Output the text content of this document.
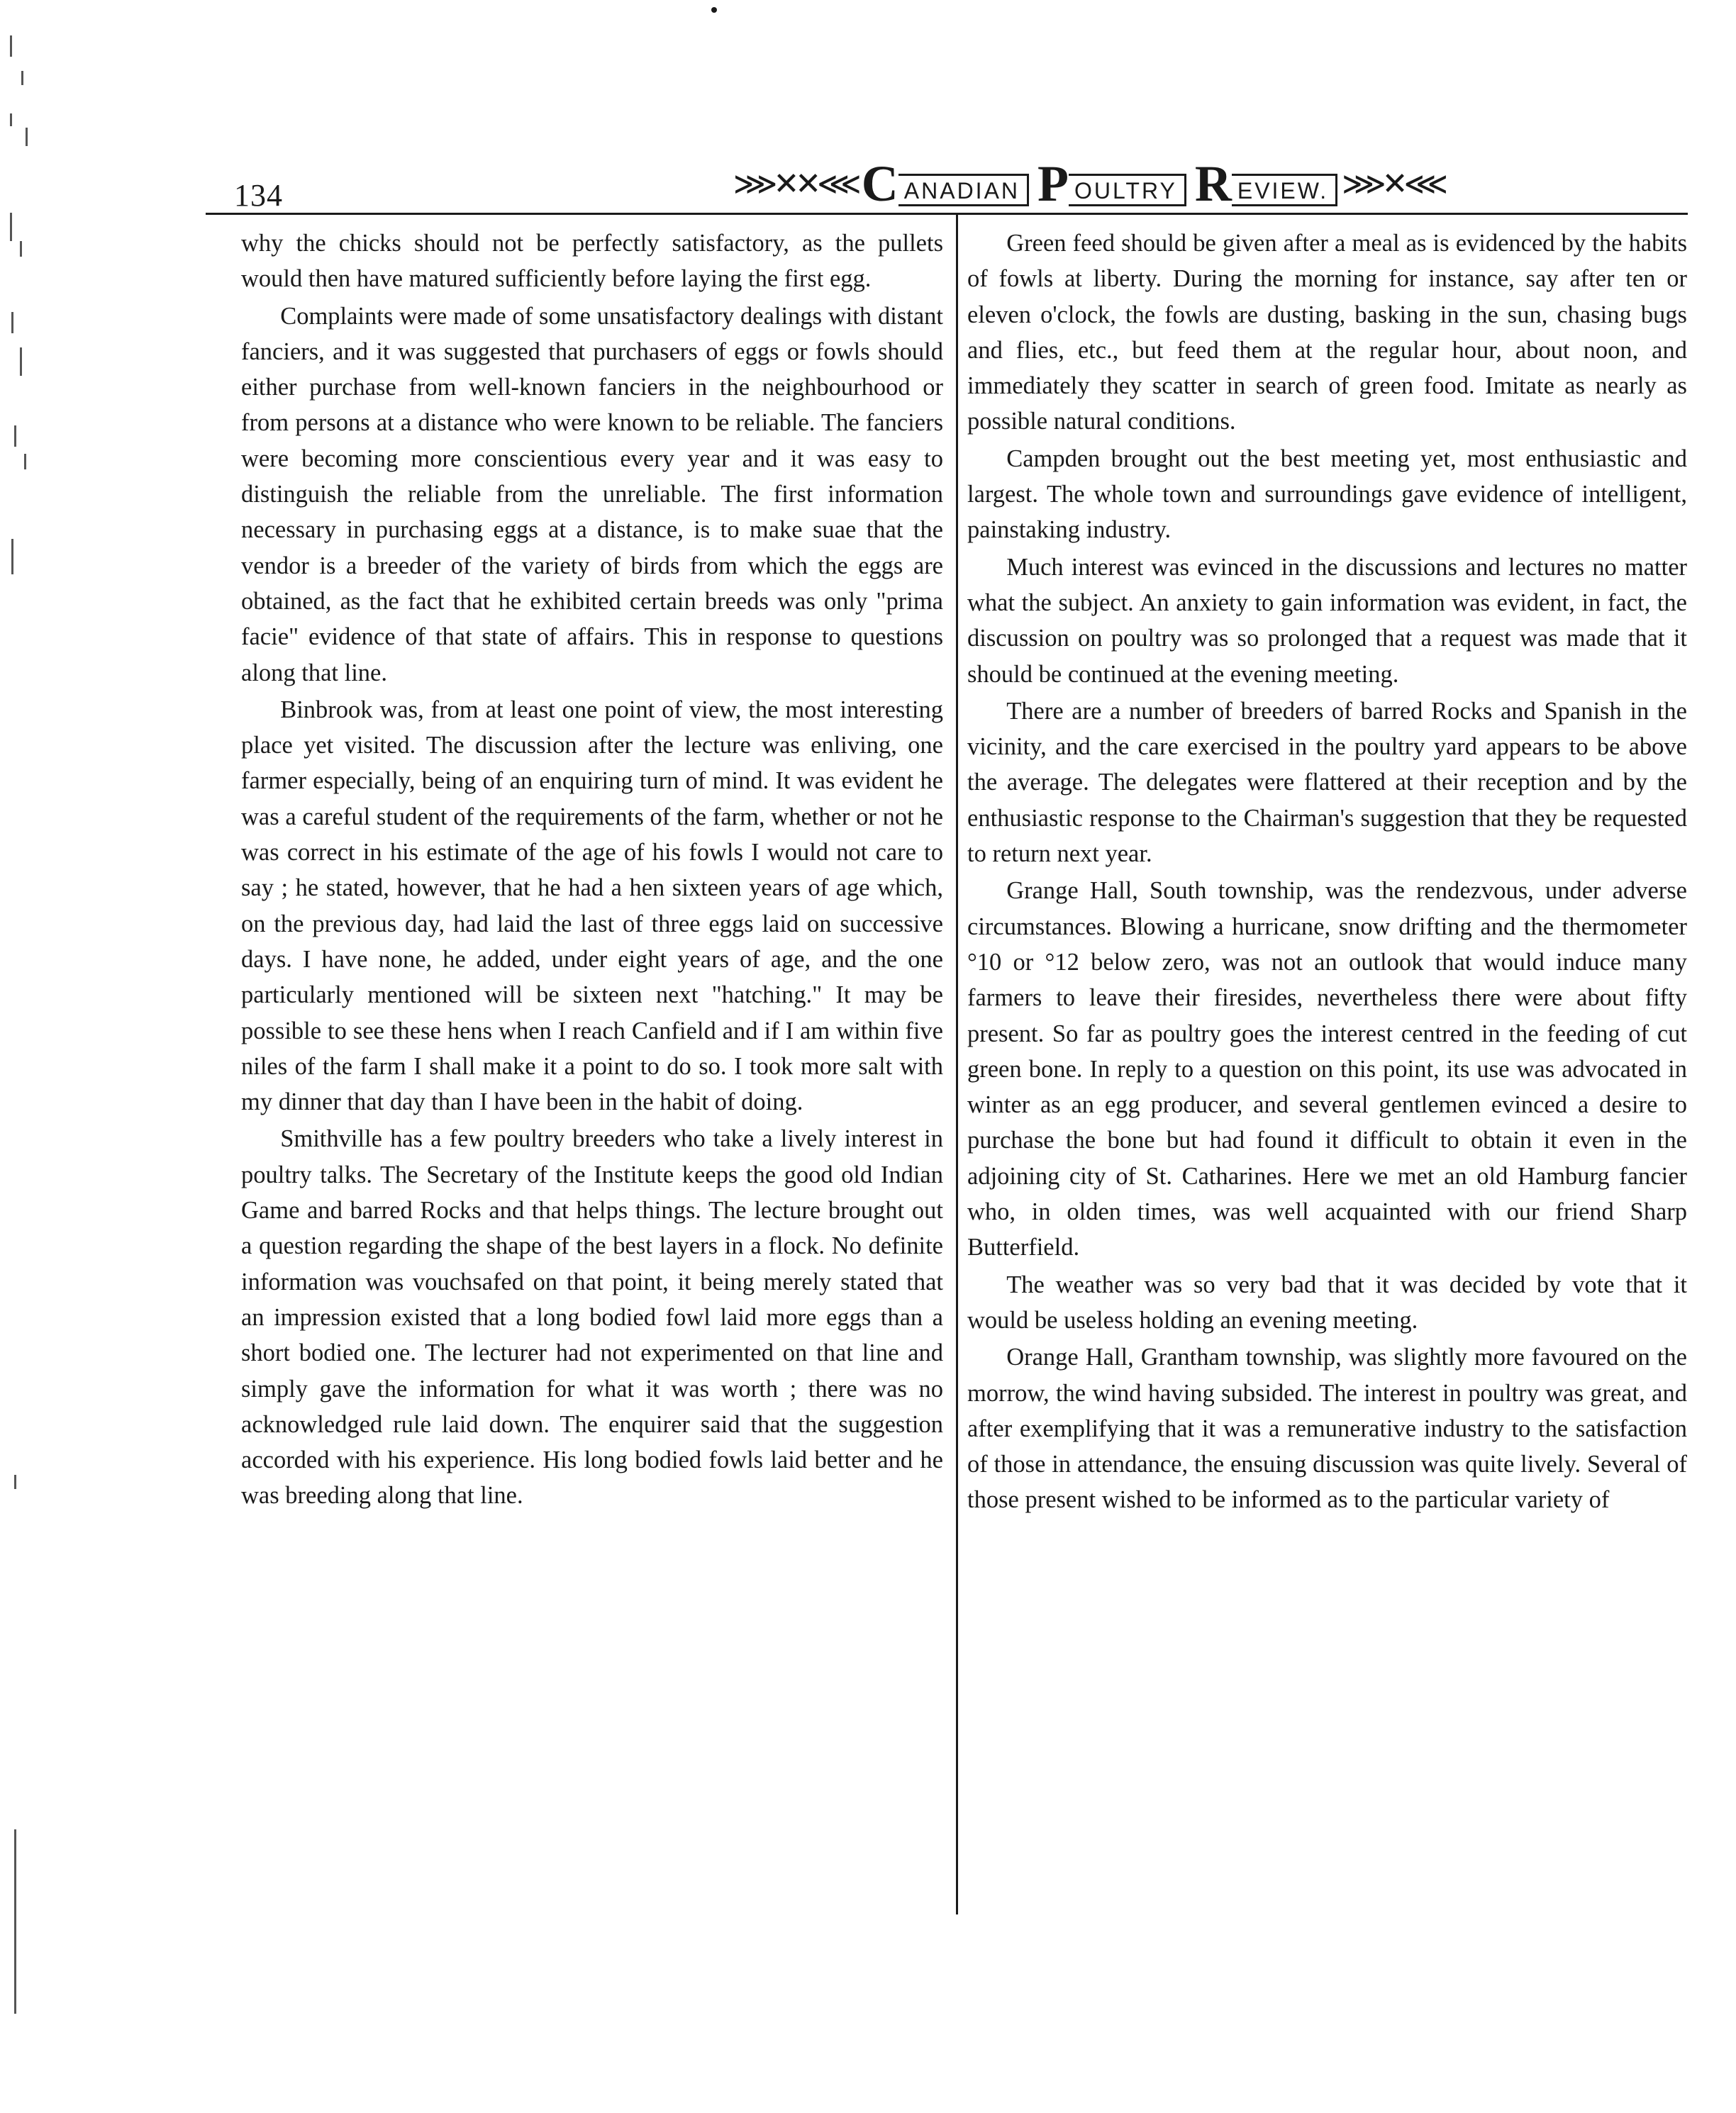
134	⋙✕✕⋘ C ANADIAN P OULTRY R EVIEW. ⋙✕⋘

why the chicks should not be perfectly satisfactory, as the pullets would then have matured sufficiently before laying the first egg.

Complaints were made of some unsatisfactory dealings with distant fanciers, and it was suggested that purchasers of eggs or fowls should either purchase from well-known fanciers in the neighbourhood or from persons at a distance who were known to be reliable. The fanciers were becoming more conscientious every year and it was easy to distinguish the reliable from the unreliable. The first information necessary in purchasing eggs at a distance, is to make suae that the vendor is a breeder of the variety of birds from which the eggs are obtained, as the fact that he exhibited certain breeds was only "prima facie" evidence of that state of affairs. This in response to questions along that line.

Binbrook was, from at least one point of view, the most interesting place yet visited. The discussion after the lecture was enliving, one farmer especially, being of an enquiring turn of mind. It was evident he was a careful student of the requirements of the farm, whether or not he was correct in his estimate of the age of his fowls I would not care to say ; he stated, however, that he had a hen sixteen years of age which, on the previous day, had laid the last of three eggs laid on successive days. I have none, he added, under eight years of age, and the one particularly mentioned will be sixteen next "hatching." It may be possible to see these hens when I reach Canfield and if I am within five niles of the farm I shall make it a point to do so. I took more salt with my dinner that day than I have been in the habit of doing.

Smithville has a few poultry breeders who take a lively interest in poultry talks. The Secretary of the Institute keeps the good old Indian Game and barred Rocks and that helps things. The lecture brought out a question regarding the shape of the best layers in a flock. No definite information was vouchsafed on that point, it being merely stated that an impression existed that a long bodied fowl laid more eggs than a short bodied one. The lecturer had not experimented on that line and simply gave the information for what it was worth ; there was no acknowledged rule laid down. The enquirer said that the suggestion accorded with his experience. His long bodied fowls laid better and he was breeding along that line.

Green feed should be given after a meal as is evidenced by the habits of fowls at liberty. During the morning for instance, say after ten or eleven o'clock, the fowls are dusting, basking in the sun, chasing bugs and flies, etc., but feed them at the regular hour, about noon, and immediately they scatter in search of green food. Imitate as nearly as possible natural conditions.

Campden brought out the best meeting yet, most enthusiastic and largest. The whole town and surroundings gave evidence of intelligent, painstaking industry.

Much interest was evinced in the discussions and lectures no matter what the subject. An anxiety to gain information was evident, in fact, the discussion on poultry was so prolonged that a request was made that it should be continued at the evening meeting.

There are a number of breeders of barred Rocks and Spanish in the vicinity, and the care exercised in the poultry yard appears to be above the average. The delegates were flattered at their reception and by the enthusiastic response to the Chairman's suggestion that they be requested to return next year.

Grange Hall, South township, was the rendezvous, under adverse circumstances. Blowing a hurricane, snow drifting and the thermometer °10 or °12 below zero, was not an outlook that would induce many farmers to leave their firesides, nevertheless there were about fifty present. So far as poultry goes the interest centred in the feeding of cut green bone. In reply to a question on this point, its use was advocated in winter as an egg producer, and several gentlemen evinced a desire to purchase the bone but had found it difficult to obtain it even in the adjoining city of St. Catharines. Here we met an old Hamburg fancier who, in olden times, was well acquainted with our friend Sharp Butterfield.

The weather was so very bad that it was decided by vote that it would be useless holding an evening meeting.

Orange Hall, Grantham township, was slightly more favoured on the morrow, the wind having subsided. The interest in poultry was great, and after exemplifying that it was a remunerative industry to the satisfaction of those in attendance, the ensuing discussion was quite lively. Several of those present wished to be informed as to the particular variety of
